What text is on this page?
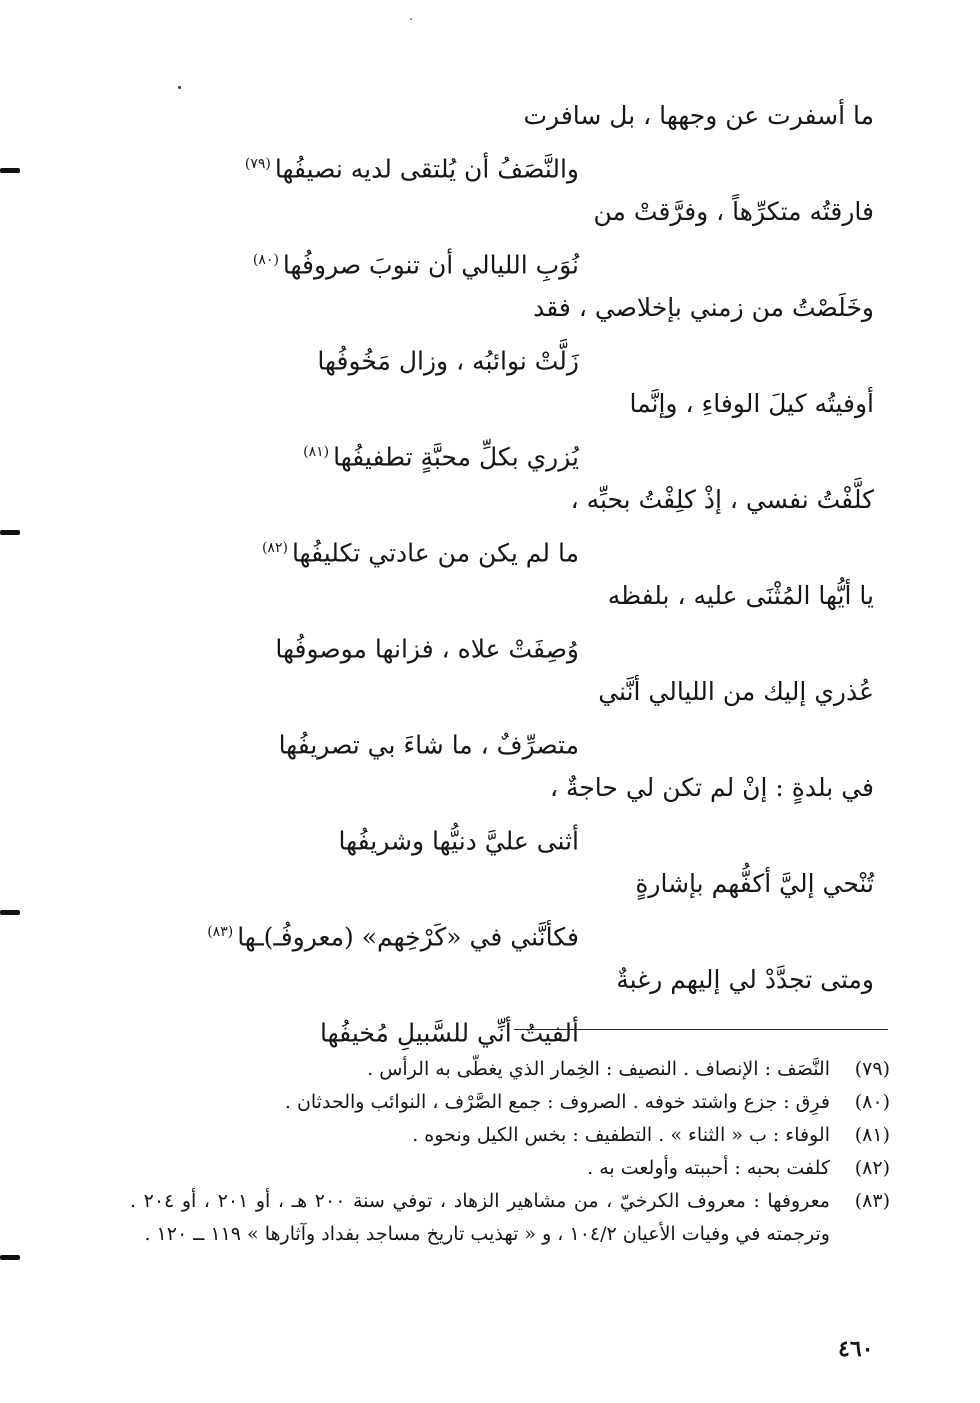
ما أسفرت عن وجهها ، بل سافرت
والنَّصَفُ أن يُلتقى لديه نصيفُها$^{(٧٩)}$
فارقتُه متكرِّهاً ، وفرَّقتْ من
نُوَبِ الليالي أن تنوبَ صروفُها$^{(٨٠)}$
وخَلَصْتُ من زمني بإخلاصي ، فقد
زَلَّتْ نوائبُه ، وزال مَخُوفُها
أوفيتُه كيلَ الوفاءِ ، وإنَّما
يُزري بكلِّ محبَّةٍ تطفيفُها$^{(٨١)}$
كلَّفْتُ نفسي ، إذْ كلِفْتُ بحبِّه ،
ما لم يكن من عادتي تكليفُها$^{(٨٢)}$
يا أيُّها المُثْنَى عليه ، بلفظه
وُصِفَتْ علاه ، فزانها موصوفُها
عُذري إليك من الليالي أنَّني
متصرِّفٌ ، ما شاءَ بي تصريفُها
في بلدةٍ : إنْ لم تكن لي حاجةٌ ،
أثنى عليَّ دنيُّها وشريفُها
تُنْحي إليَّ أكفُّهم بإشارةٍ
فكأنَّني في «كَرْخِهم» (معروفُـ)ـها$^{(٨٣)}$
ومتى تجدَّدْ لي إليهم رغبةٌ
ألفيتُ أنِّي للسَّبيلِ مُخيفُها
(٧٩)
النَّصَف : الإنصاف . النصيف : الخِمار الذي يغطّى به الرأس .
(٨٠)
فرِق : جزع واشتد خوفه . الصروف : جمع الصَّرْف ، النوائب والحدثان .
(٨١)
الوفاء : ب « الثناء » . التطفيف : بخس الكيل ونحوه .
(٨٢)
كلفت بحبه : أحببته وأولعت به .
(٨٣)
معروفها : معروف الكرخيّ ، من مشاهير الزهاد ، توفي سنة ٢٠٠ هـ ، أو ٢٠١ ، أو ٢٠٤ . وترجمته في وفيات الأعيان ١٠٤/٢ ، و « تهذيب تاريخ مساجد بفداد وآثارها » ١١٩ ــ ١٢٠ .
٤٦٠
